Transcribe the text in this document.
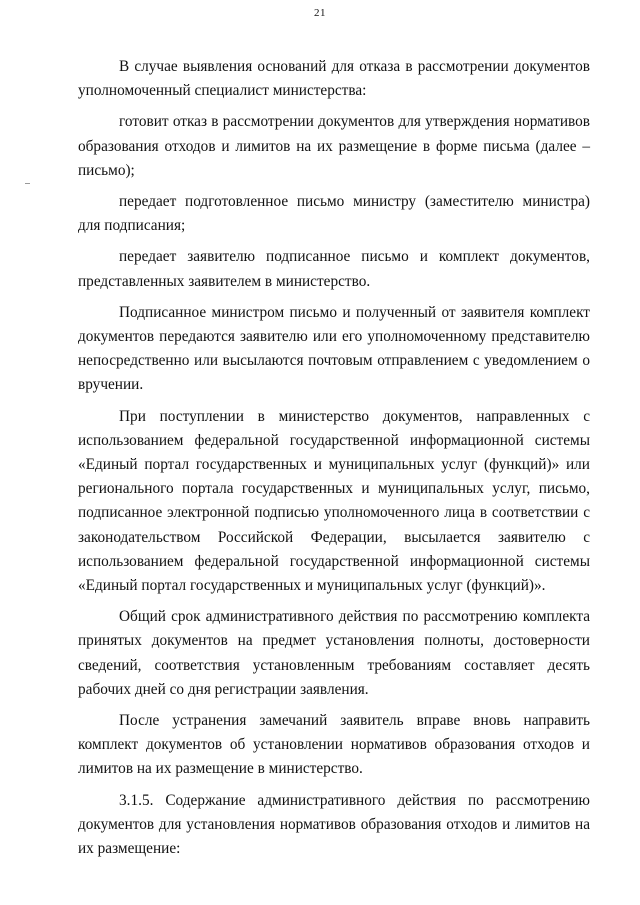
21

В случае выявления оснований для отказа в рассмотрении документов уполномоченный специалист министерства:

готовит отказ в рассмотрении документов для утверждения нормативов образования отходов и лимитов на их размещение в форме письма (далее – письмо);

передает подготовленное письмо министру (заместителю министра) для подписания;

передает заявителю подписанное письмо и комплект документов, представленных заявителем в министерство.

Подписанное министром письмо и полученный от заявителя комплект документов передаются заявителю или его уполномоченному представителю непосредственно или высылаются почтовым отправлением с уведомлением о вручении.

При поступлении в министерство документов, направленных с использованием федеральной государственной информационной системы «Единый портал государственных и муниципальных услуг (функций)» или регионального портала государственных и муниципальных услуг, письмо, подписанное электронной подписью уполномоченного лица в соответствии с законодательством Российской Федерации, высылается заявителю с использованием федеральной государственной информационной системы «Единый портал государственных и муниципальных услуг (функций)».

Общий срок административного действия по рассмотрению комплекта принятых документов на предмет установления полноты, достоверности сведений, соответствия установленным требованиям составляет десять рабочих дней со дня регистрации заявления.

После устранения замечаний заявитель вправе вновь направить комплект документов об установлении нормативов образования отходов и лимитов на их размещение в министерство.

3.1.5. Содержание административного действия по рассмотрению документов для установления нормативов образования отходов и лимитов на их размещение:
